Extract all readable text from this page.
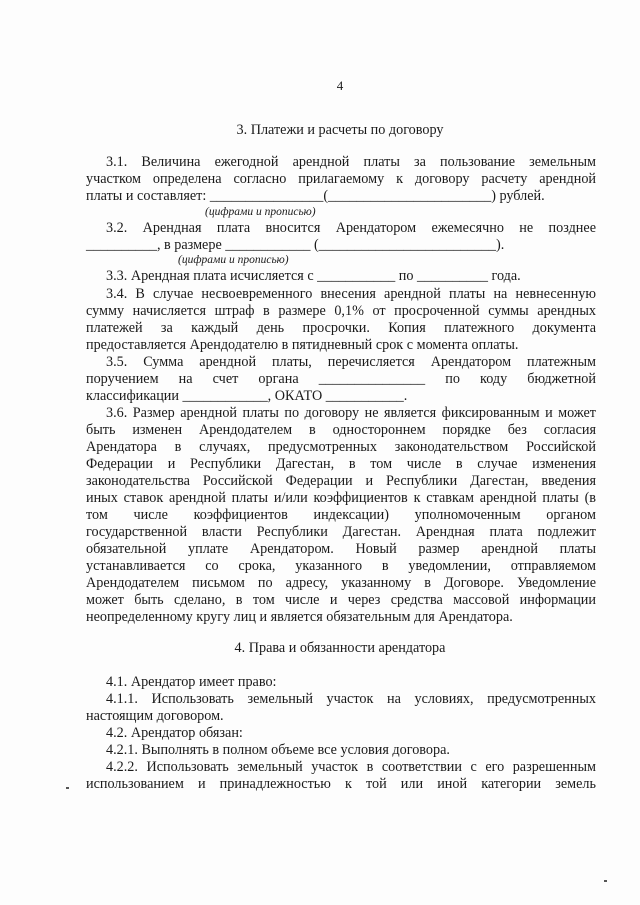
4
3. Платежи и расчеты по договору
3.1. Величина ежегодной арендной платы за пользование земельным
участком определена согласно прилагаемому к договору расчету арендной
платы и составляет: ________________(_______________________) рублей.
(цифрами и прописью)
3.2. Арендная плата вносится Арендатором ежемесячно не позднее
__________, в размере ____________ (_________________________).
(цифрами и прописью)
3.3. Арендная плата исчисляется с ___________ по __________ года.
3.4. В случае несвоевременного внесения арендной платы на невнесенную
сумму начисляется штраф в размере 0,1% от просроченной суммы арендных
платежей за каждый день просрочки. Копия платежного документа
предоставляется Арендодателю в пятидневный срок с момента оплаты.
3.5. Сумма арендной платы, перечисляется Арендатором платежным
поручением на счет органа _______________ по коду бюджетной
классификации ____________, ОКАТО ___________.
3.6. Размер арендной платы по договору не является фиксированным и может
быть изменен Арендодателем в одностороннем порядке без согласия
Арендатора в случаях, предусмотренных законодательством Российской
Федерации и Республики Дагестан, в том числе в случае изменения
законодательства Российской Федерации и Республики Дагестан, введения
иных ставок арендной платы и/или коэффициентов к ставкам арендной платы (в
том числе коэффициентов индексации) уполномоченным органом
государственной власти Республики Дагестан. Арендная плата подлежит
обязательной уплате Арендатором. Новый размер арендной платы
устанавливается со срока, указанного в уведомлении, отправляемом
Арендодателем письмом по адресу, указанному в Договоре. Уведомление
может быть сделано, в том числе и через средства массовой информации
неопределенному кругу лиц и является обязательным для Арендатора.
4. Права и обязанности арендатора
4.1. Арендатор имеет право:
4.1.1. Использовать земельный участок на условиях, предусмотренных
настоящим договором.
4.2. Арендатор обязан:
4.2.1. Выполнять в полном объеме все условия договора.
4.2.2. Использовать земельный участок в соответствии с его разрешенным
использованием и принадлежностью к той или иной категории земель
